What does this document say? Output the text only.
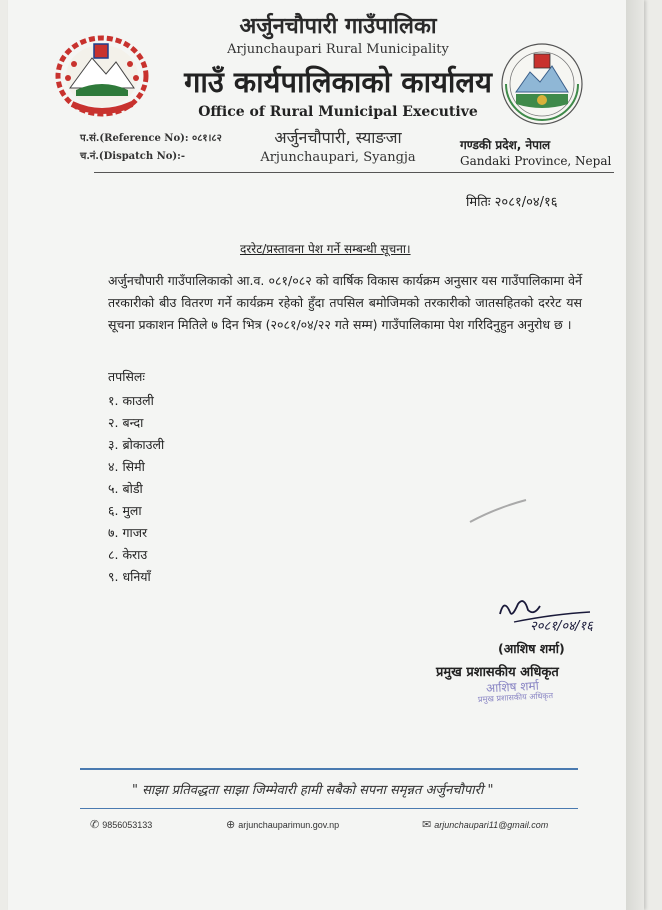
अर्जुनचौपारी गाउँपालिका
Arjunchaupari Rural Municipality
गाउँ कार्यपालिकाको कार्यालय
Office of Rural Municipal Executive
अर्जुनचौपारी, स्याङजा
Arjunchaupari, Syangja
प.सं.(Reference No): ०८१।८२
च.नं.(Dispatch No):-
गण्डकी प्रदेश, नेपाल
Gandaki Province, Nepal
मितिः २०८१/०४/१६
दररेट/प्रस्तावना पेश गर्ने सम्बन्धी सूचना।
अर्जुनचौपारी गाउँपालिकाको आ.व. ०८१/०८२ को वार्षिक विकास कार्यक्रम अनुसार यस गाउँपालिकामा वेर्ने तरकारीको बीउ वितरण गर्ने कार्यक्रम रहेको हुँदा तपसिल बमोजिमको तरकारीको जातसहितको दररेट यस सूचना प्रकाशन मितिले ७ दिन भित्र (२०८१/०४/२२ गते सम्म) गाउँपालिकामा पेश गरिदिनुहुन अनुरोध छ ।
तपसिलः
१. काउली
२. बन्दा
३. ब्रोकाउली
४. सिमी
५. बोडी
६. मुला
७. गाजर
८. केराउ
९. धनियाँ
२०८१/०४/१६
(आशिष शर्मा)
प्रमुख प्रशासकीय अधिकृत
आशिष शर्मा
प्रमुख प्रशासकीय अधिकृत
" साझा प्रतिवद्धता साझा जिम्मेवारी हामी सबैको सपना समृन्नत अर्जुनचौपारी "
✆ 9856053133	⊕ arjunchauparimun.gov.np	✉ arjunchaupari11@gmail.com
